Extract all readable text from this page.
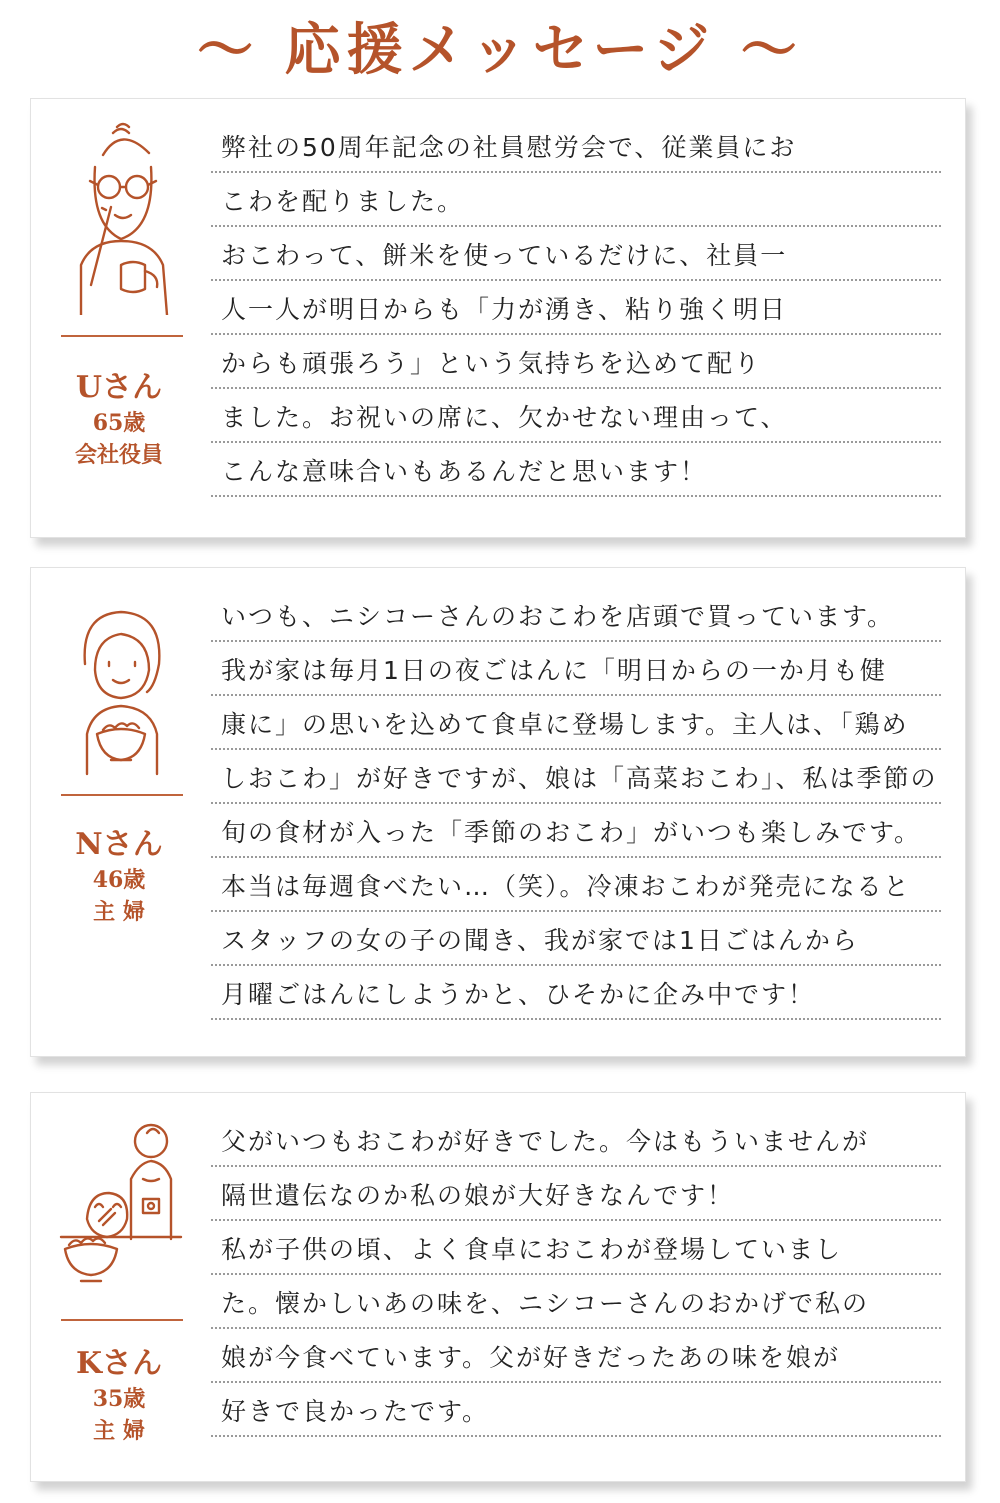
〜 応援メッセージ 〜
Uさん
65歳
会社役員
弊社の50周年記念の社員慰労会で、従業員にお
こわを配りました。
おこわって、餅米を使っているだけに、社員一
人一人が明日からも「力が湧き、粘り強く明日
からも頑張ろう」という気持ちを込めて配り
ました。お祝いの席に、欠かせない理由って、
こんな意味合いもあるんだと思います！
Nさん
46歳
主 婦
いつも、ニシコーさんのおこわを店頭で買っています。
我が家は毎月1日の夜ごはんに「明日からの一か月も健
康に」の思いを込めて食卓に登場します。主人は、「鶏め
しおこわ」が好きですが、娘は「高菜おこわ」、私は季節の
旬の食材が入った「季節のおこわ」がいつも楽しみです。
本当は毎週食べたい…（笑）。冷凍おこわが発売になると
スタッフの女の子の聞き、我が家では1日ごはんから
月曜ごはんにしようかと、ひそかに企み中です！
Kさん
35歳
主 婦
父がいつもおこわが好きでした。今はもういませんが
隔世遺伝なのか私の娘が大好きなんです！
私が子供の頃、よく食卓におこわが登場していまし
た。懐かしいあの味を、ニシコーさんのおかげで私の
娘が今食べています。父が好きだったあの味を娘が
好きで良かったです。
